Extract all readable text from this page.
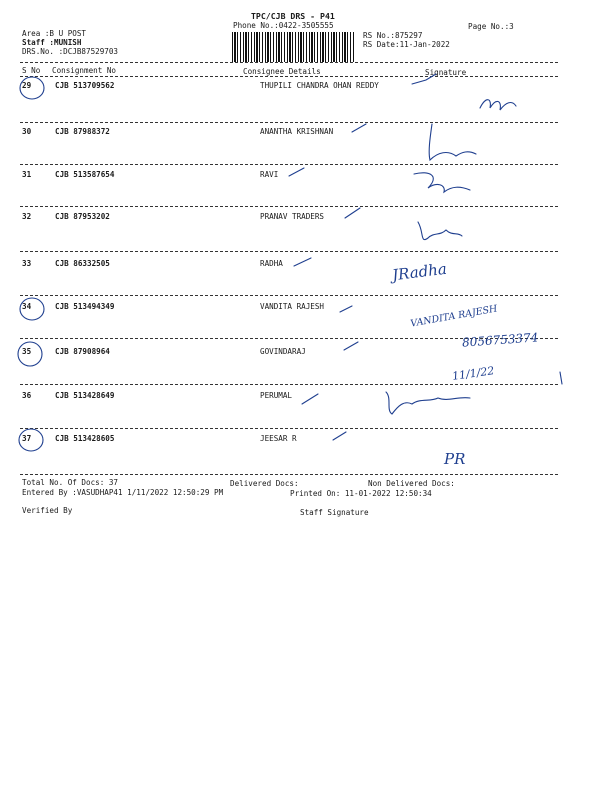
TPC/CJB DRS - P41
Phone No.:0422-3505555	Page No.:3
Area :B U POST
Staff :MUNISH
DRS.No. :DCJB87529703
RS No.:875297
RS Date:11-Jan-2022
S No Consignment No	Consignee Details	Signature
29	CJB 513709562	THUPILI CHANDRA OHAN REDDY
30	CJB 87988372	ANANTHA KRISHNAN
31	CJB 513587654	RAVI
32	CJB 87953202	PRANAV TRADERS
33	CJB 86332505	RADHA
34	CJB 513494349	VANDITA RAJESH
35	CJB 87908964	GOVINDARAJ
36	CJB 513428649	PERUMAL
37	CJB 513428605	JEESAR R
Total No. Of Docs: 37	Delivered Docs:	Non Delivered Docs:
Entered By :VASUDHAP41 1/11/2022 12:50:29 PM	Printed On: 11-01-2022 12:50:34
Verified By	Staff Signature
JRadha
VANDITA RAJESH
8056753374
11/1/22
PR
